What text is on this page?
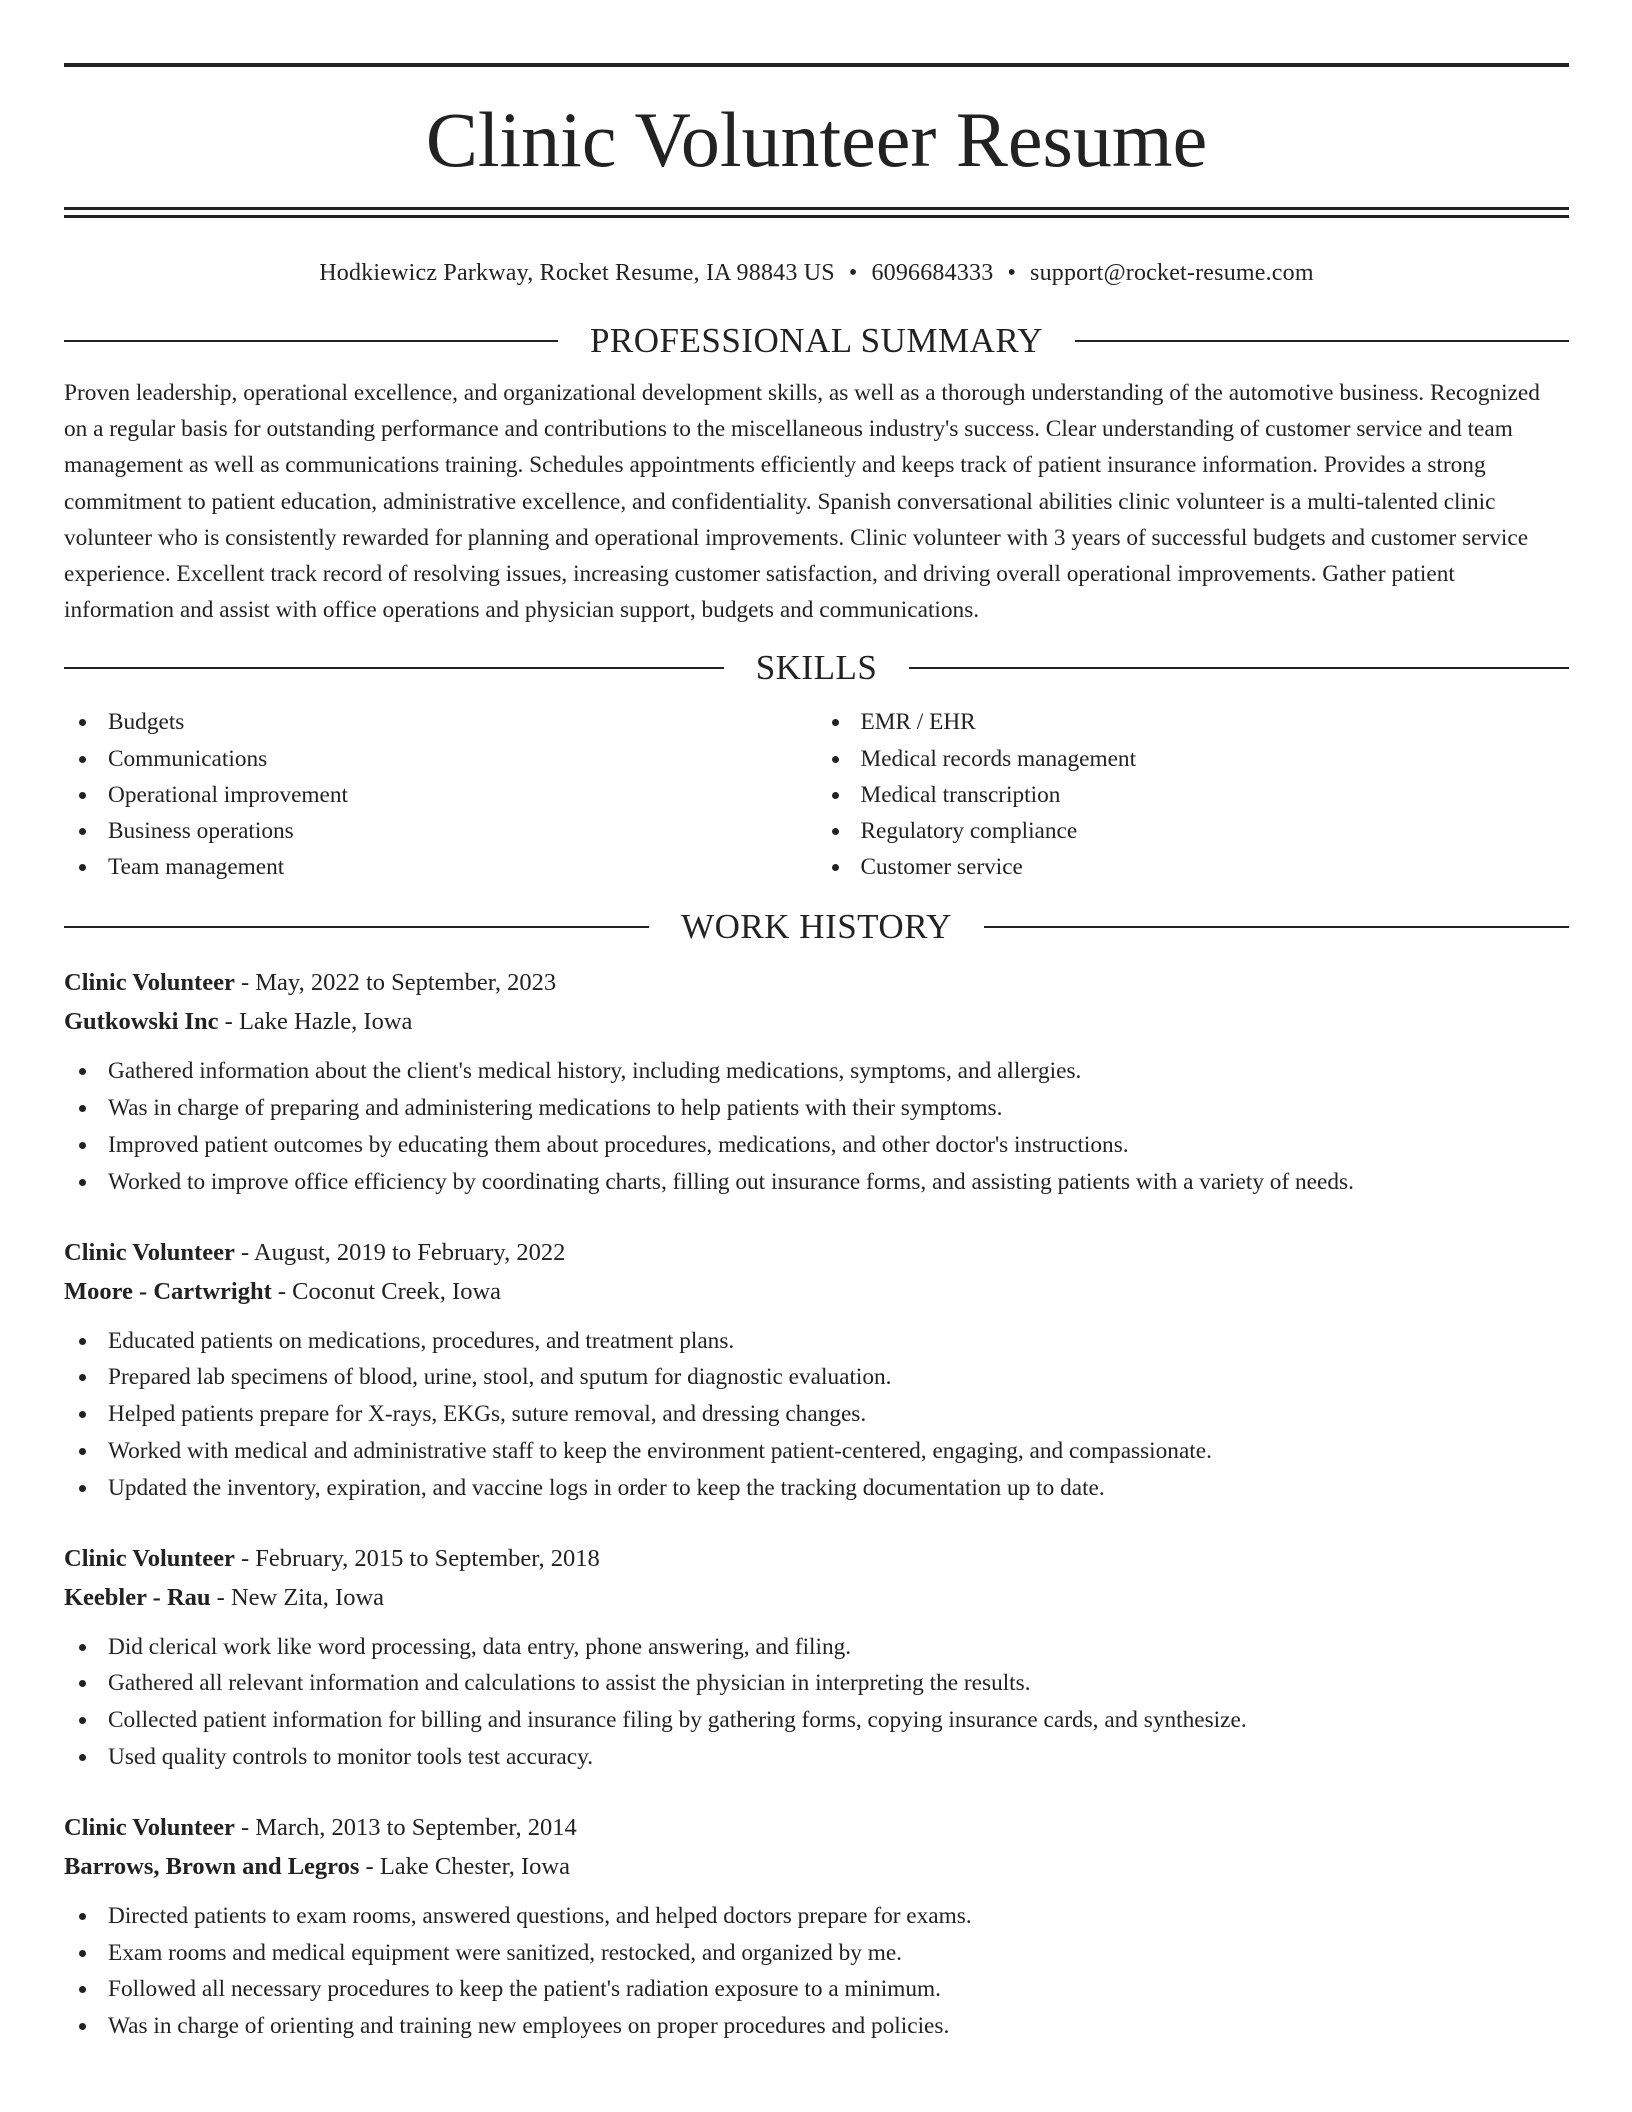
Clinic Volunteer Resume
Hodkiewicz Parkway, Rocket Resume, IA 98843 US • 6096684333 • support@rocket-resume.com
PROFESSIONAL SUMMARY

Proven leadership, operational excellence, and organizational development skills, as well as a thorough understanding of the automotive business. Recognized on a regular basis for outstanding performance and contributions to the miscellaneous industry's success. Clear understanding of customer service and team management as well as communications training. Schedules appointments efficiently and keeps track of patient insurance information. Provides a strong commitment to patient education, administrative excellence, and confidentiality. Spanish conversational abilities clinic volunteer is a multi-talented clinic volunteer who is consistently rewarded for planning and operational improvements. Clinic volunteer with 3 years of successful budgets and customer service experience. Excellent track record of resolving issues, increasing customer satisfaction, and driving overall operational improvements. Gather patient information and assist with office operations and physician support, budgets and communications.

SKILLS
Budgets
Communications
Operational improvement
Business operations
Team management
EMR / EHR
Medical records management
Medical transcription
Regulatory compliance
Customer service
WORK HISTORY
Clinic Volunteer - May, 2022 to September, 2023
Gutkowski Inc - Lake Hazle, Iowa
Gathered information about the client's medical history, including medications, symptoms, and allergies.
Was in charge of preparing and administering medications to help patients with their symptoms.
Improved patient outcomes by educating them about procedures, medications, and other doctor's instructions.
Worked to improve office efficiency by coordinating charts, filling out insurance forms, and assisting patients with a variety of needs.
Clinic Volunteer - August, 2019 to February, 2022
Moore - Cartwright - Coconut Creek, Iowa
Educated patients on medications, procedures, and treatment plans.
Prepared lab specimens of blood, urine, stool, and sputum for diagnostic evaluation.
Helped patients prepare for X-rays, EKGs, suture removal, and dressing changes.
Worked with medical and administrative staff to keep the environment patient-centered, engaging, and compassionate.
Updated the inventory, expiration, and vaccine logs in order to keep the tracking documentation up to date.
Clinic Volunteer - February, 2015 to September, 2018
Keebler - Rau - New Zita, Iowa
Did clerical work like word processing, data entry, phone answering, and filing.
Gathered all relevant information and calculations to assist the physician in interpreting the results.
Collected patient information for billing and insurance filing by gathering forms, copying insurance cards, and synthesize.
Used quality controls to monitor tools test accuracy.
Clinic Volunteer - March, 2013 to September, 2014
Barrows, Brown and Legros - Lake Chester, Iowa
Directed patients to exam rooms, answered questions, and helped doctors prepare for exams.
Exam rooms and medical equipment were sanitized, restocked, and organized by me.
Followed all necessary procedures to keep the patient's radiation exposure to a minimum.
Was in charge of orienting and training new employees on proper procedures and policies.
